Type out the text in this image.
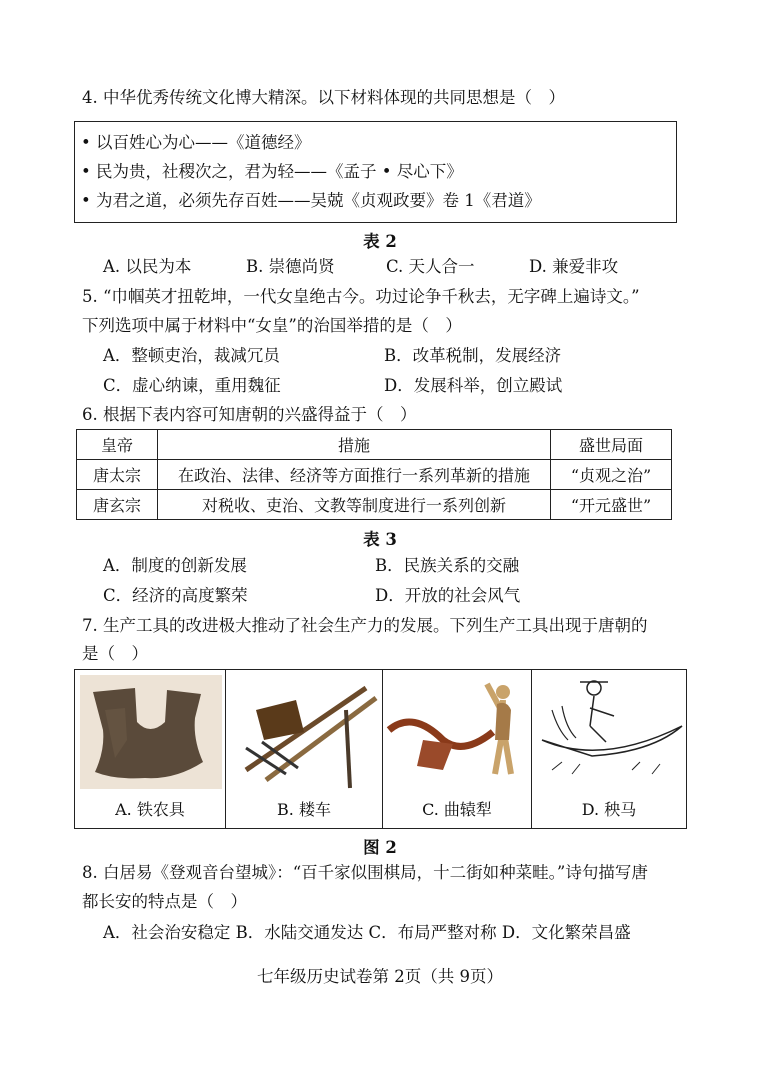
4. 中华优秀传统文化博大精深。以下材料体现的共同思想是（　）
• 以百姓心为心——《道德经》
• 民为贵，社稷次之，君为轻——《孟子 • 尽心下》
• 为君之道，必须先存百姓——吴兢《贞观政要》卷 1《君道》
表 2
A. 以民为本	B. 崇德尚贤	C. 天人合一	D. 兼爱非攻
5. “巾帼英才扭乾坤，一代女皇绝古今。功过论争千秋去，无字碑上遍诗文。”
下列选项中属于材料中“女皇”的治国举措的是（　）
A．整顿吏治，裁减冗员	B．改革税制，发展经济
C．虚心纳谏，重用魏征	D．发展科举，创立殿试
6. 根据下表内容可知唐朝的兴盛得益于（　）
皇帝	措施	盛世局面
唐太宗	在政治、法律、经济等方面推行一系列革新的措施	“贞观之治”
唐玄宗	对税收、吏治、文教等制度进行一系列创新	“开元盛世”
表 3
A．制度的创新发展	B．民族关系的交融
C．经济的高度繁荣	D．开放的社会风气
7. 生产工具的改进极大推动了社会生产力的发展。下列生产工具出现于唐朝的
是（　）
A. 铁农具	B. 耧车	C. 曲辕犁	D. 秧马
图 2
8. 白居易《登观音台望城》：“百千家似围棋局，十二街如种菜畦。”诗句描写唐
都长安的特点是（　）
A．社会治安稳定 B．水陆交通发达 C．布局严整对称 D．文化繁荣昌盛
七年级历史试卷第 2页（共 9页）
